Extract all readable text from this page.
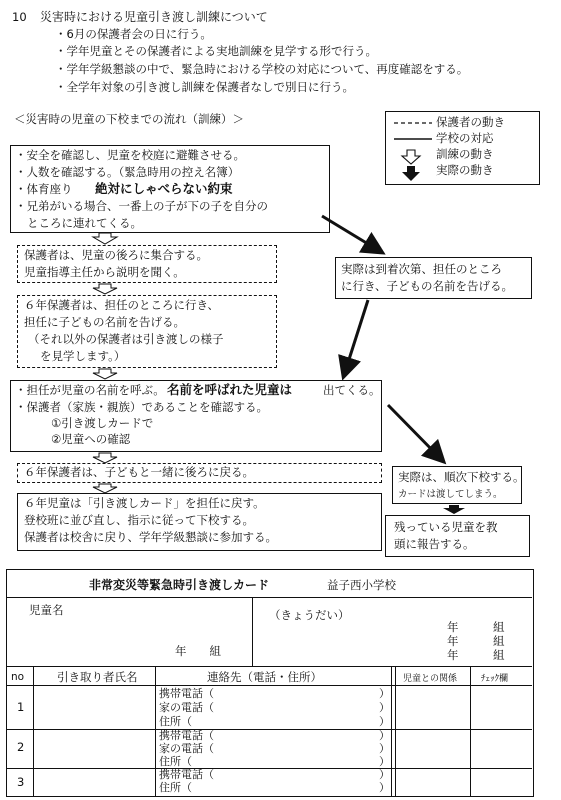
10 災害時における児童引き渡し訓練について
・6月の保護者会の日に行う。
・学年児童とその保護者による実地訓練を見学する形で行う。
・学年学級懇談の中で、緊急時における学校の対応について、再度確認をする。
・全学年対象の引き渡し訓練を保護者なしで別日に行う。
＜災害時の児童の下校までの流れ（訓練）＞	保護者の動き
学校の対応
訓練の動き
実際の動き
・安全を確認し、児童を校庭に避難させる。
・人数を確認する。（緊急時用の控え名簿）
・体育座り 絶対にしゃべらない約束
・兄弟がいる場合、一番上の子が下の子を自分の
ところに連れてくる。
保護者は、児童の後ろに集合する。
児童指導主任から説明を聞く。
６年保護者は、担任のところに行き、
担任に子どもの名前を告げる。
（それ以外の保護者は引き渡しの様子
を見学します。）
・担任が児童の名前を呼ぶ。 名前を呼ばれた児童は	出てくる。
・保護者（家族・親族）であることを確認する。
①引き渡しカードで
②児童への確認
６年保護者は、子どもと一緒に後ろに戻る。
６年児童は「引き渡しカード」を担任に戻す。
登校班に並び直し、指示に従って下校する。
保護者は校舎に戻り、学年学級懇談に参加する。
実際は到着次第、担任のところ
に行き、子どもの名前を告げる。
実際は、順次下校する。
カードは渡してしまう。
残っている児童を教
頭に報告する。
非常変災等緊急時引き渡しカード	益子西小学校
児童名
年　　組
（きょうだい）
年　　　組
年　　　組
年　　　組
no	引き取り者氏名	連絡先（電話・住所）	児童との関係	ﾁｪｯｸ欄
1
携帯電話（	）
家の電話（	）
住所（	）
2
携帯電話（	）
家の電話（	）
住所（	）
3
携帯電話（	）
住所（	）
